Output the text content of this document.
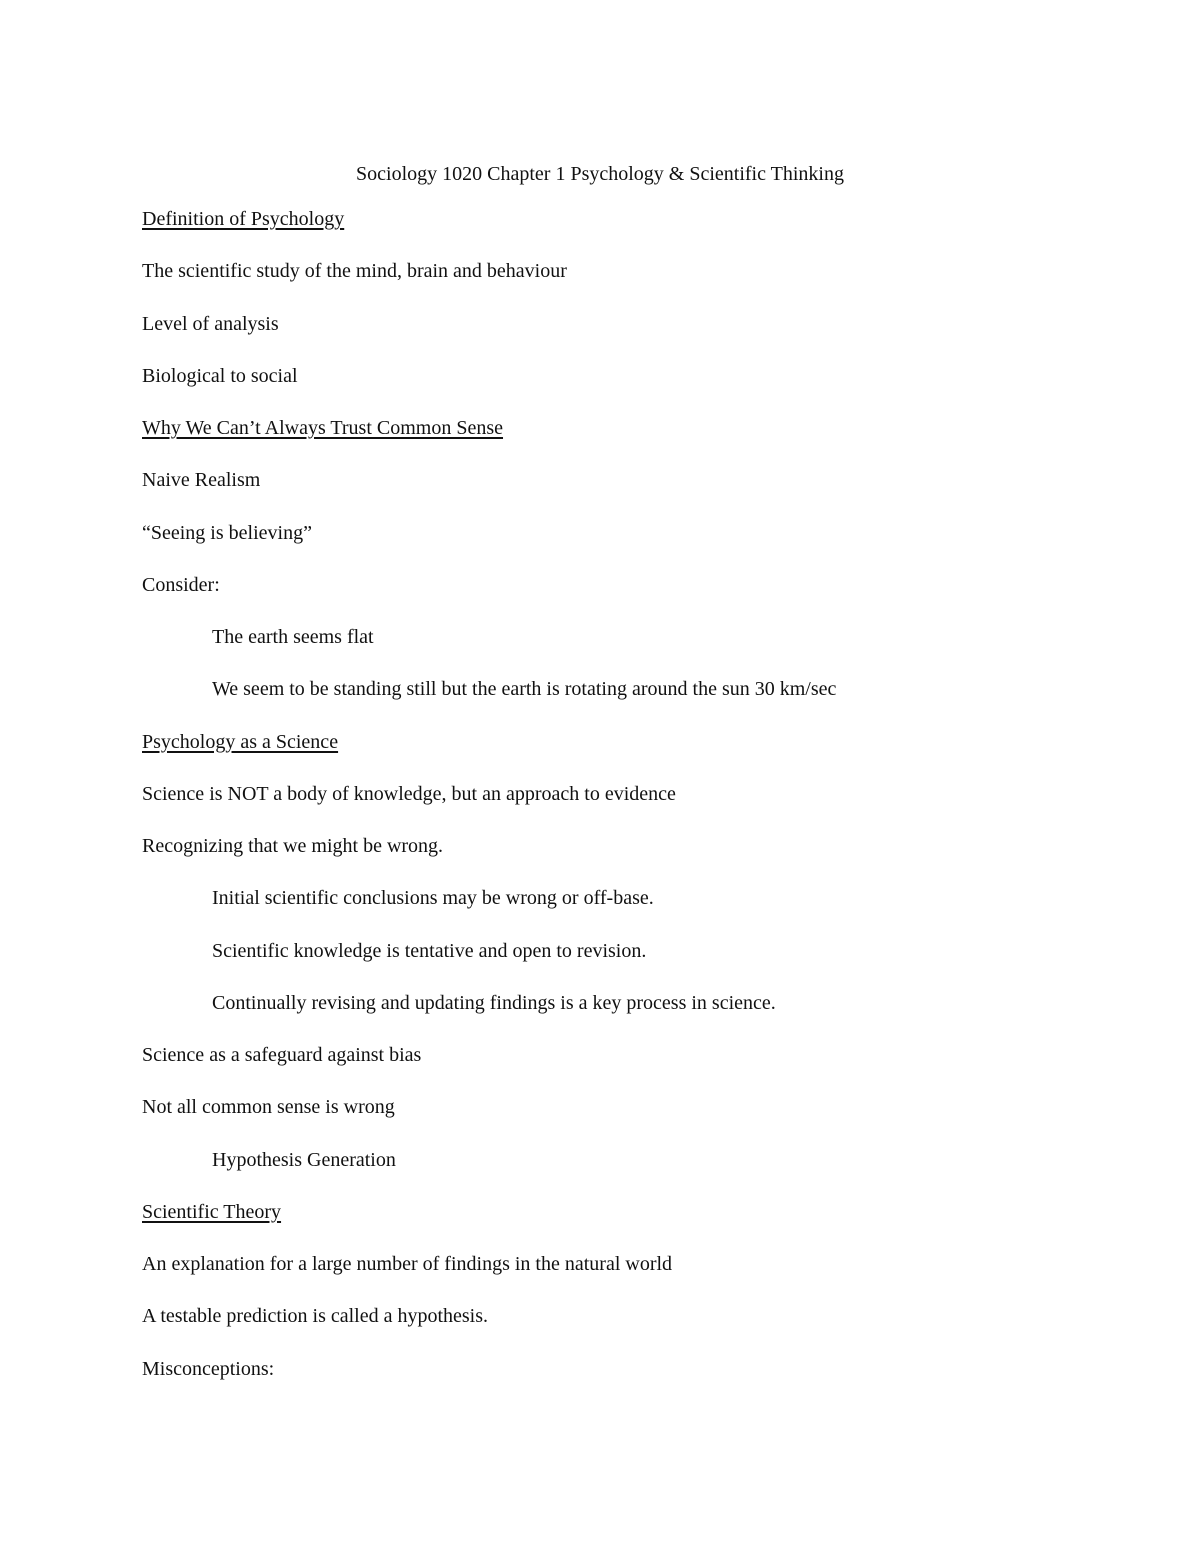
Sociology 1020 Chapter 1 Psychology & Scientific Thinking
Definition of Psychology
The scientific study of the mind, brain and behaviour
Level of analysis
Biological to social
Why We Can’t Always Trust Common Sense
Naive Realism
“Seeing is believing”
Consider:
The earth seems flat
We seem to be standing still but the earth is rotating around the sun 30 km/sec
Psychology as a Science
Science is NOT a body of knowledge, but an approach to evidence
Recognizing that we might be wrong.
Initial scientific conclusions may be wrong or off-base.
Scientific knowledge is tentative and open to revision.
Continually revising and updating findings is a key process in science.
Science as a safeguard against bias
Not all common sense is wrong
Hypothesis Generation
Scientific Theory
An explanation for a large number of findings in the natural world
A testable prediction is called a hypothesis.
Misconceptions:
